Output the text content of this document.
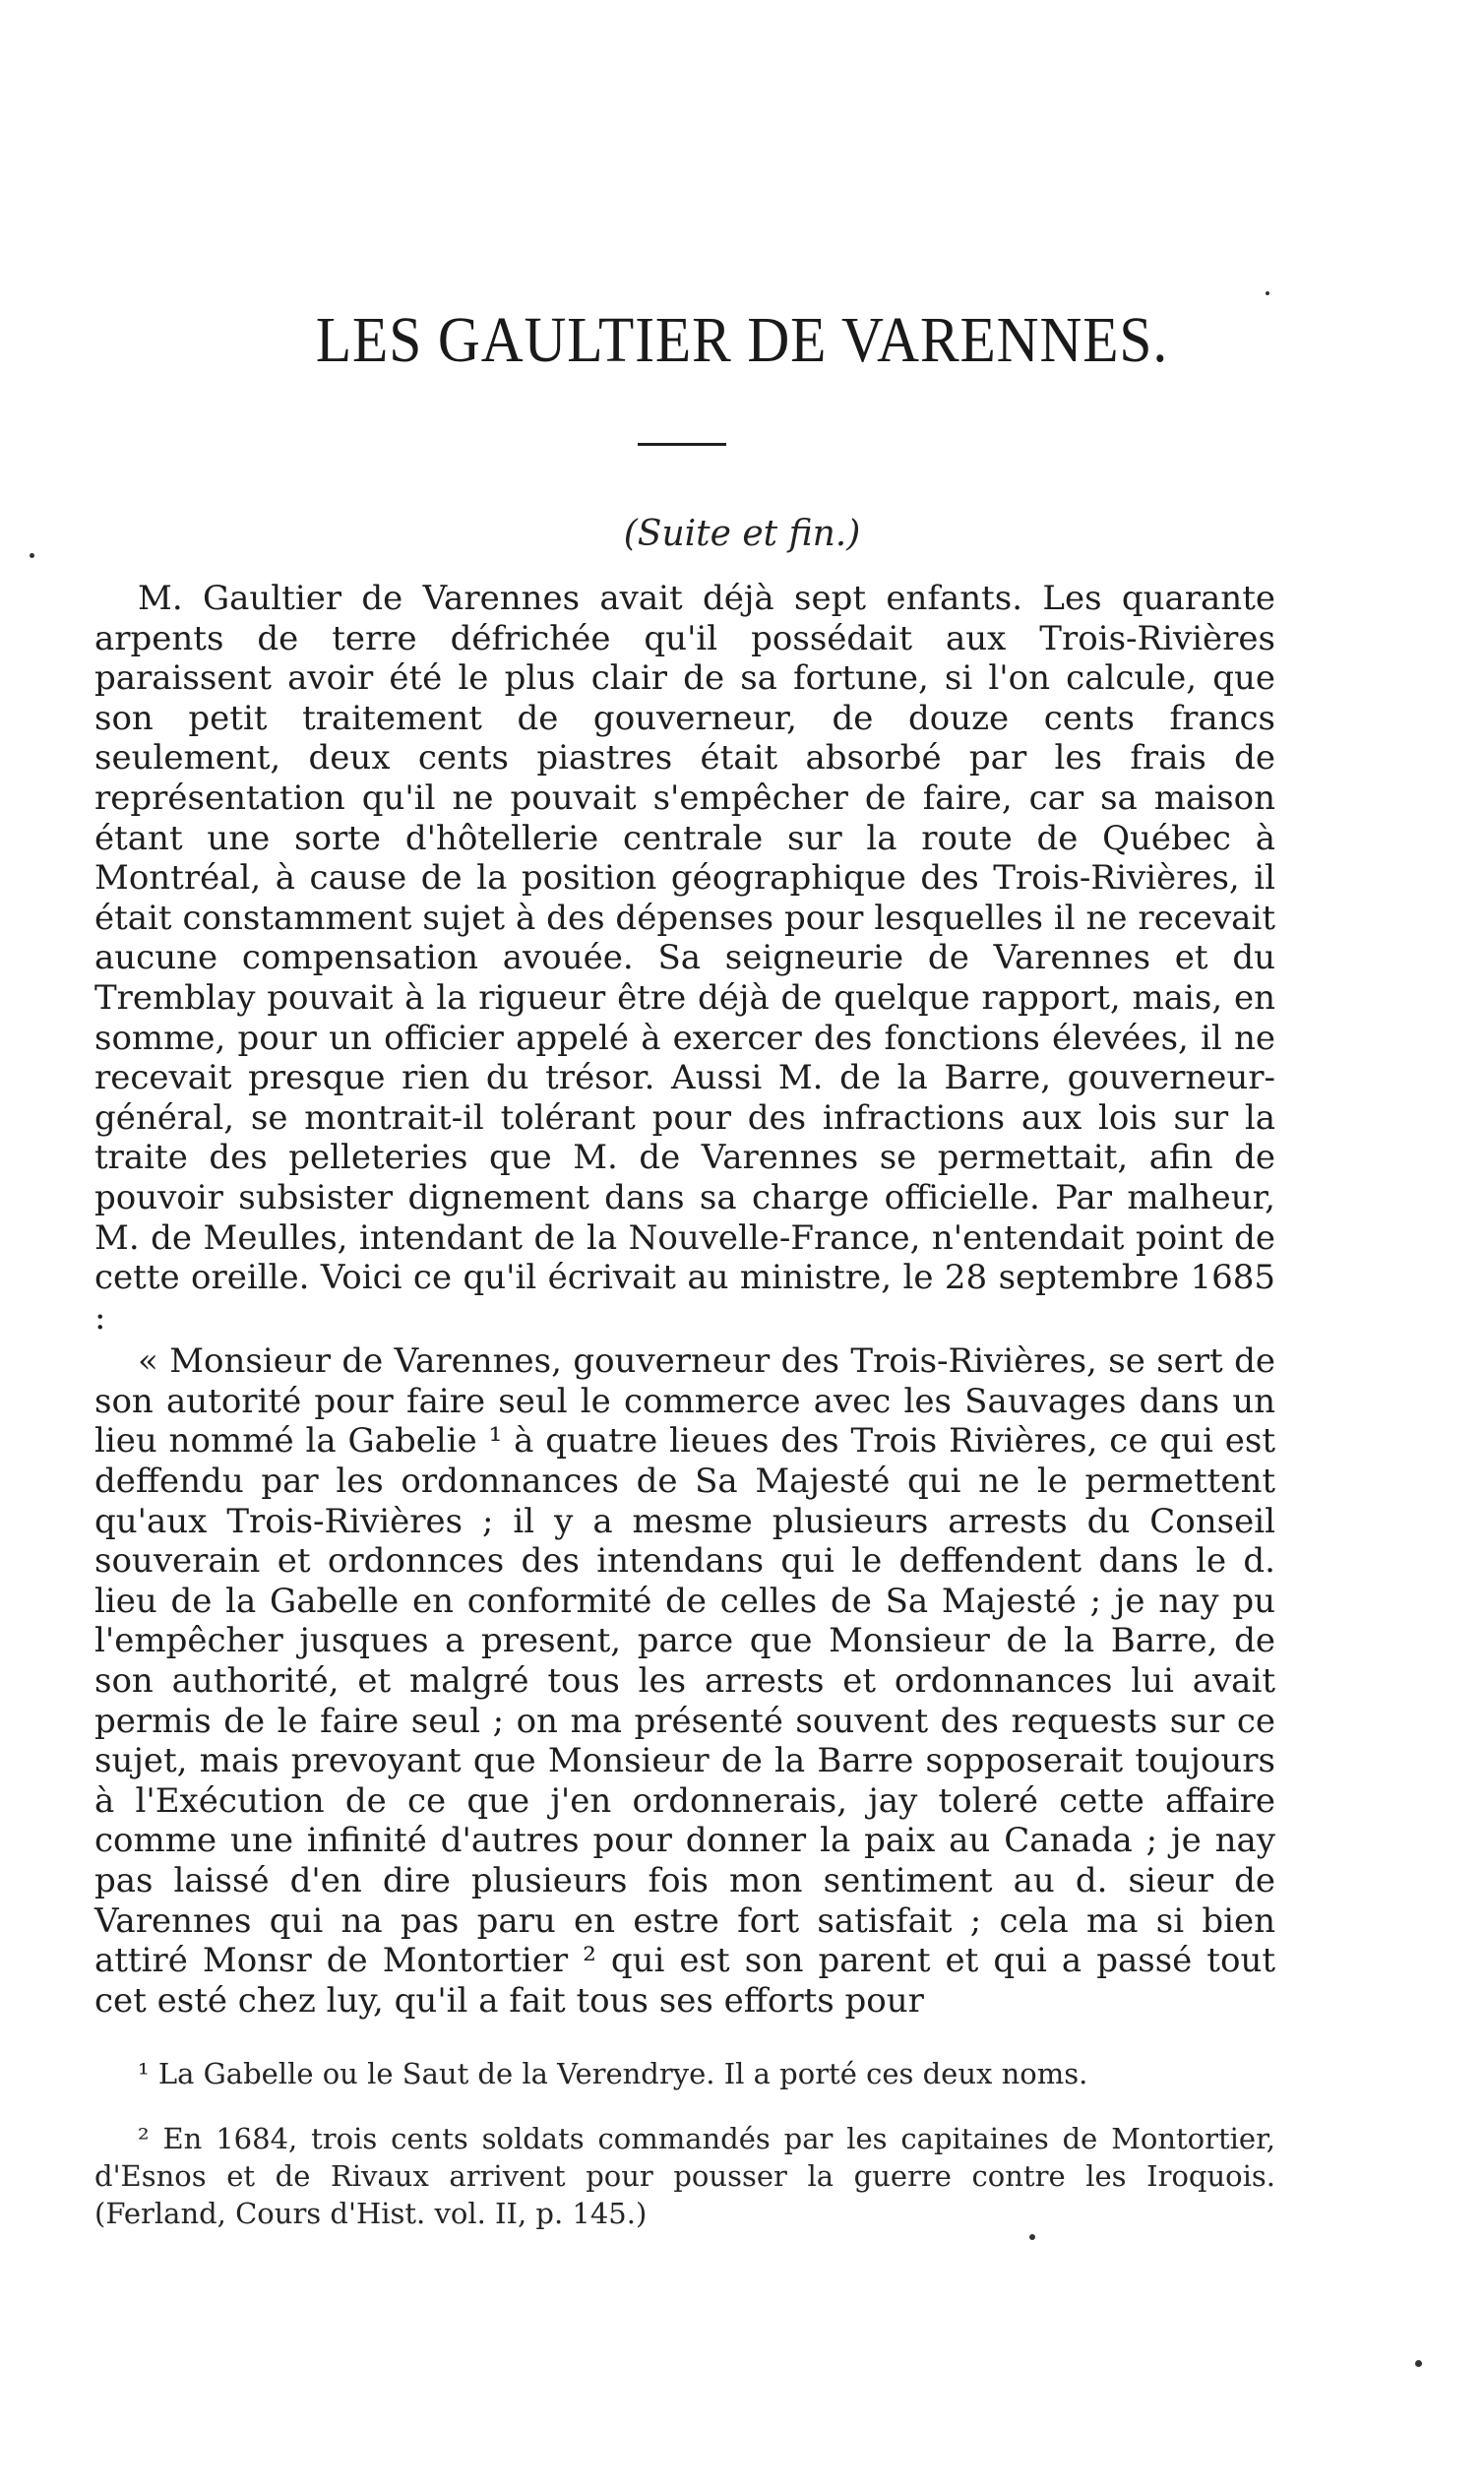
LES GAULTIER DE VARENNES.
(Suite et fin.)

M. Gaultier de Varennes avait déjà sept enfants. Les quarante arpents de terre défrichée qu'il possédait aux Trois-Rivières paraissent avoir été le plus clair de sa fortune, si l'on calcule, que son petit traitement de gouverneur, de douze cents francs seulement, deux cents piastres était absorbé par les frais de représentation qu'il ne pouvait s'empêcher de faire, car sa maison étant une sorte d'hôtellerie centrale sur la route de Québec à Montréal, à cause de la position géographique des Trois-Rivières, il était constamment sujet à des dépenses pour lesquelles il ne recevait aucune compensation avouée. Sa seigneurie de Varennes et du Tremblay pouvait à la rigueur être déjà de quelque rapport, mais, en somme, pour un officier appelé à exercer des fonctions élevées, il ne recevait presque rien du trésor. Aussi M. de la Barre, gouverneur-général, se montrait-il tolérant pour des infractions aux lois sur la traite des pelleteries que M. de Varennes se permettait, afin de pouvoir subsister dignement dans sa charge officielle. Par malheur, M. de Meulles, intendant de la Nouvelle-France, n'entendait point de cette oreille. Voici ce qu'il écrivait au ministre, le 28 septembre 1685 :

« Monsieur de Varennes, gouverneur des Trois-Rivières, se sert de son autorité pour faire seul le commerce avec les Sauvages dans un lieu nommé la Gabelie ¹ à quatre lieues des Trois Rivières, ce qui est deffendu par les ordonnances de Sa Majesté qui ne le permettent qu'aux Trois-Rivières ; il y a mesme plusieurs arrests du Conseil souverain et ordonnces des intendans qui le deffendent dans le d. lieu de la Gabelle en conformité de celles de Sa Majesté ; je nay pu l'empêcher jusques a present, parce que Monsieur de la Barre, de son authorité, et malgré tous les arrests et ordonnances lui avait permis de le faire seul ; on ma présenté souvent des requests sur ce sujet, mais prevoyant que Monsieur de la Barre sopposerait toujours à l'Exécution de ce que j'en ordonnerais, jay toleré cette affaire comme une infinité d'autres pour donner la paix au Canada ; je nay pas laissé d'en dire plusieurs fois mon sentiment au d. sieur de Varennes qui na pas paru en estre fort satisfait ; cela ma si bien attiré Monsr de Montortier ² qui est son parent et qui a passé tout cet esté chez luy, qu'il a fait tous ses efforts pour

¹ La Gabelle ou le Saut de la Verendrye. Il a porté ces deux noms.

² En 1684, trois cents soldats commandés par les capitaines de Montortier, d'Esnos et de Rivaux arrivent pour pousser la guerre contre les Iroquois. (Ferland, Cours d'Hist. vol. II, p. 145.)
